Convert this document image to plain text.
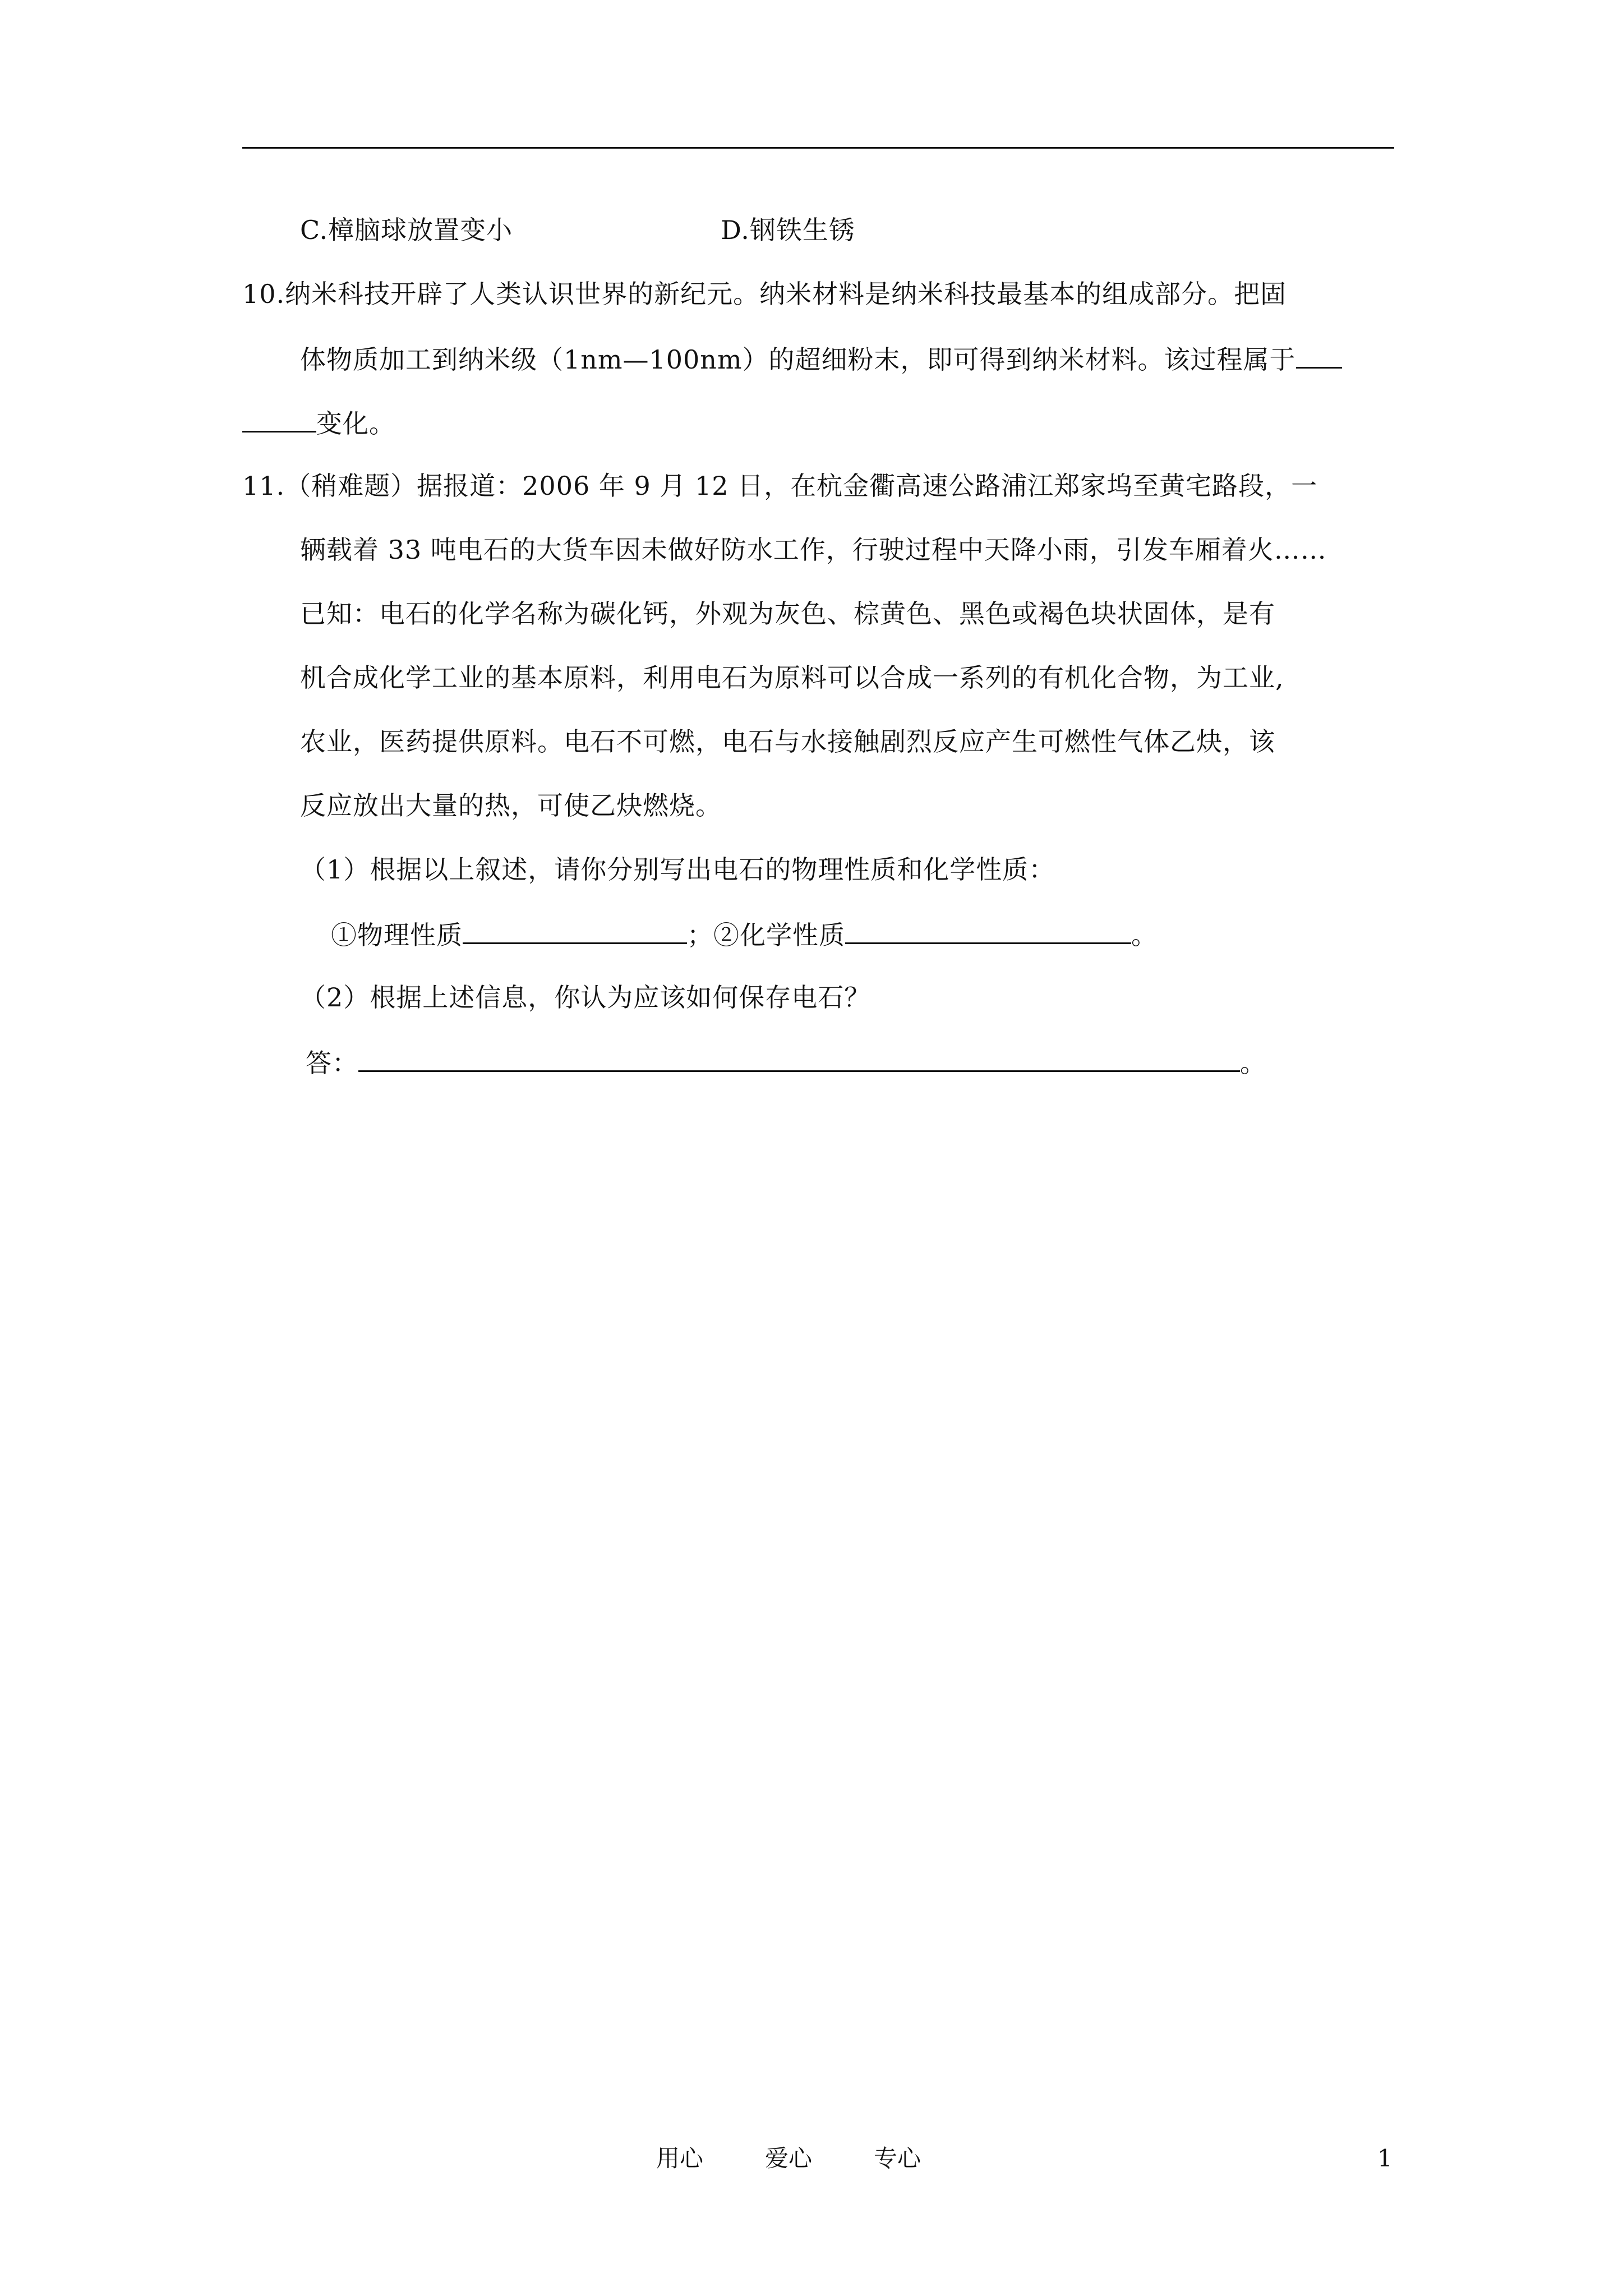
C.樟脑球放置变小	D.钢铁生锈
10.纳米科技开辟了人类认识世界的新纪元。纳米材料是纳米科技最基本的组成部分。把固
体物质加工到纳米级（1nm—100nm）的超细粉末，即可得到纳米材料。该过程属于
变化。
11.（稍难题）据报道：2006 年 9 月 12 日，在杭金衢高速公路浦江郑家坞至黄宅路段，一
辆载着 33 吨电石的大货车因未做好防水工作，行驶过程中天降小雨，引发车厢着火……
已知：电石的化学名称为碳化钙，外观为灰色、棕黄色、黑色或褐色块状固体，是有
机合成化学工业的基本原料，利用电石为原料可以合成一系列的有机化合物，为工业,
农业，医药提供原料。电石不可燃，电石与水接触剧烈反应产生可燃性气体乙炔，该
反应放出大量的热，可使乙炔燃烧。
（1）根据以上叙述，请你分别写出电石的物理性质和化学性质：
①物理性质	；②化学性质	。
（2）根据上述信息，你认为应该如何保存电石？
答：	。
用心	爱心	专心	1
